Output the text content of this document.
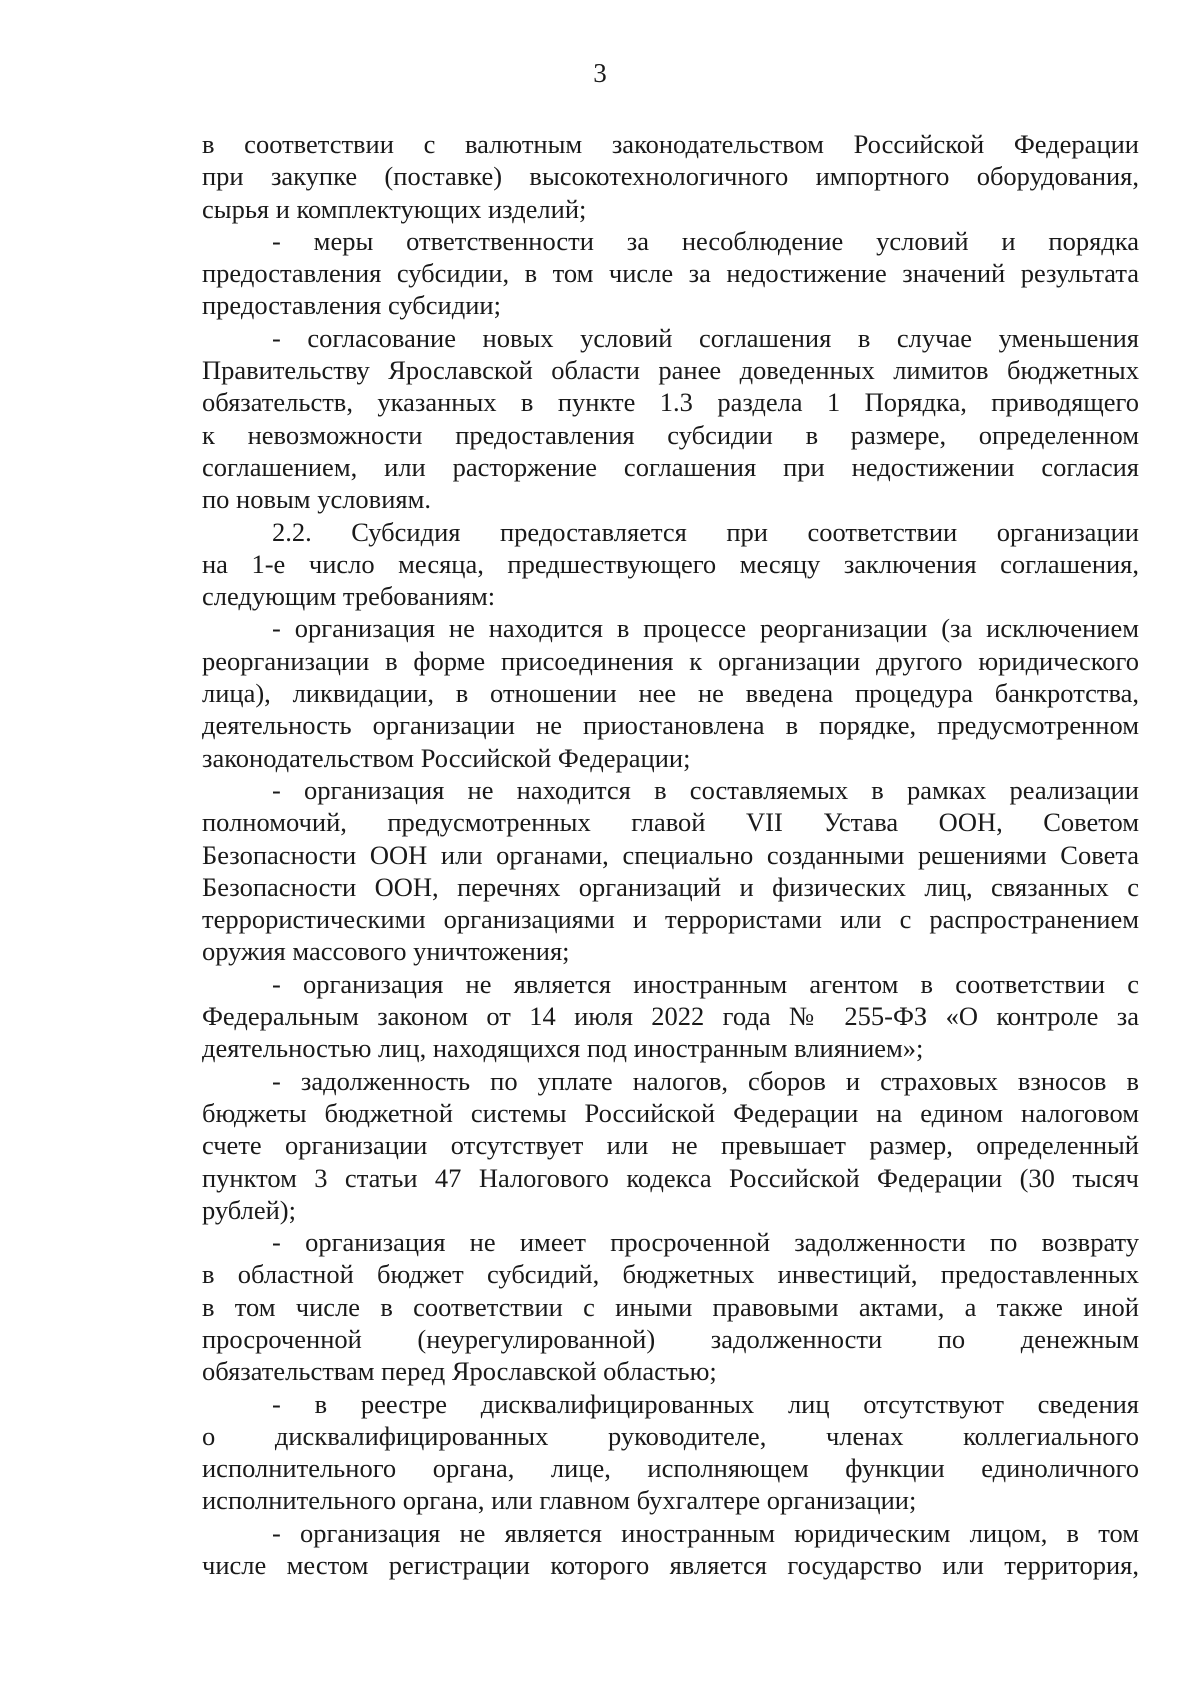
3
в соответствии с валютным законодательством Российской Федерации
при закупке (поставке) высокотехнологичного импортного оборудования,
сырья и комплектующих изделий;
- меры ответственности за несоблюдение условий и порядка
предоставления субсидии, в том числе за недостижение значений результата
предоставления субсидии;
- согласование новых условий соглашения в случае уменьшения
Правительству Ярославской области ранее доведенных лимитов бюджетных
обязательств, указанных в пункте 1.3 раздела 1 Порядка, приводящего
к невозможности предоставления субсидии в размере, определенном
соглашением, или расторжение соглашения при недостижении согласия
по новым условиям.
2.2. Субсидия предоставляется при соответствии организации
на 1-е число месяца, предшествующего месяцу заключения соглашения,
следующим требованиям:
- организация не находится в процессе реорганизации (за исключением
реорганизации в форме присоединения к организации другого юридического
лица), ликвидации, в отношении нее не введена процедура банкротства,
деятельность организации не приостановлена в порядке, предусмотренном
законодательством Российской Федерации;
- организация не находится в составляемых в рамках реализации
полномочий, предусмотренных главой VII Устава ООН, Советом
Безопасности ООН или органами, специально созданными решениями Совета
Безопасности ООН, перечнях организаций и физических лиц, связанных с
террористическими организациями и террористами или с распространением
оружия массового уничтожения;
- организация не является иностранным агентом в соответствии с
Федеральным законом от 14 июля 2022 года № 255-ФЗ «О контроле за
деятельностью лиц, находящихся под иностранным влиянием»;
- задолженность по уплате налогов, сборов и страховых взносов в
бюджеты бюджетной системы Российской Федерации на едином налоговом
счете организации отсутствует или не превышает размер, определенный
пунктом 3 статьи 47 Налогового кодекса Российской Федерации (30 тысяч
рублей);
- организация не имеет просроченной задолженности по возврату
в областной бюджет субсидий, бюджетных инвестиций, предоставленных
в том числе в соответствии с иными правовыми актами, а также иной
просроченной (неурегулированной) задолженности по денежным
обязательствам перед Ярославской областью;
- в реестре дисквалифицированных лиц отсутствуют сведения
о дисквалифицированных руководителе, членах коллегиального
исполнительного органа, лице, исполняющем функции единоличного
исполнительного органа, или главном бухгалтере организации;
- организация не является иностранным юридическим лицом, в том
числе местом регистрации которого является государство или территория,
